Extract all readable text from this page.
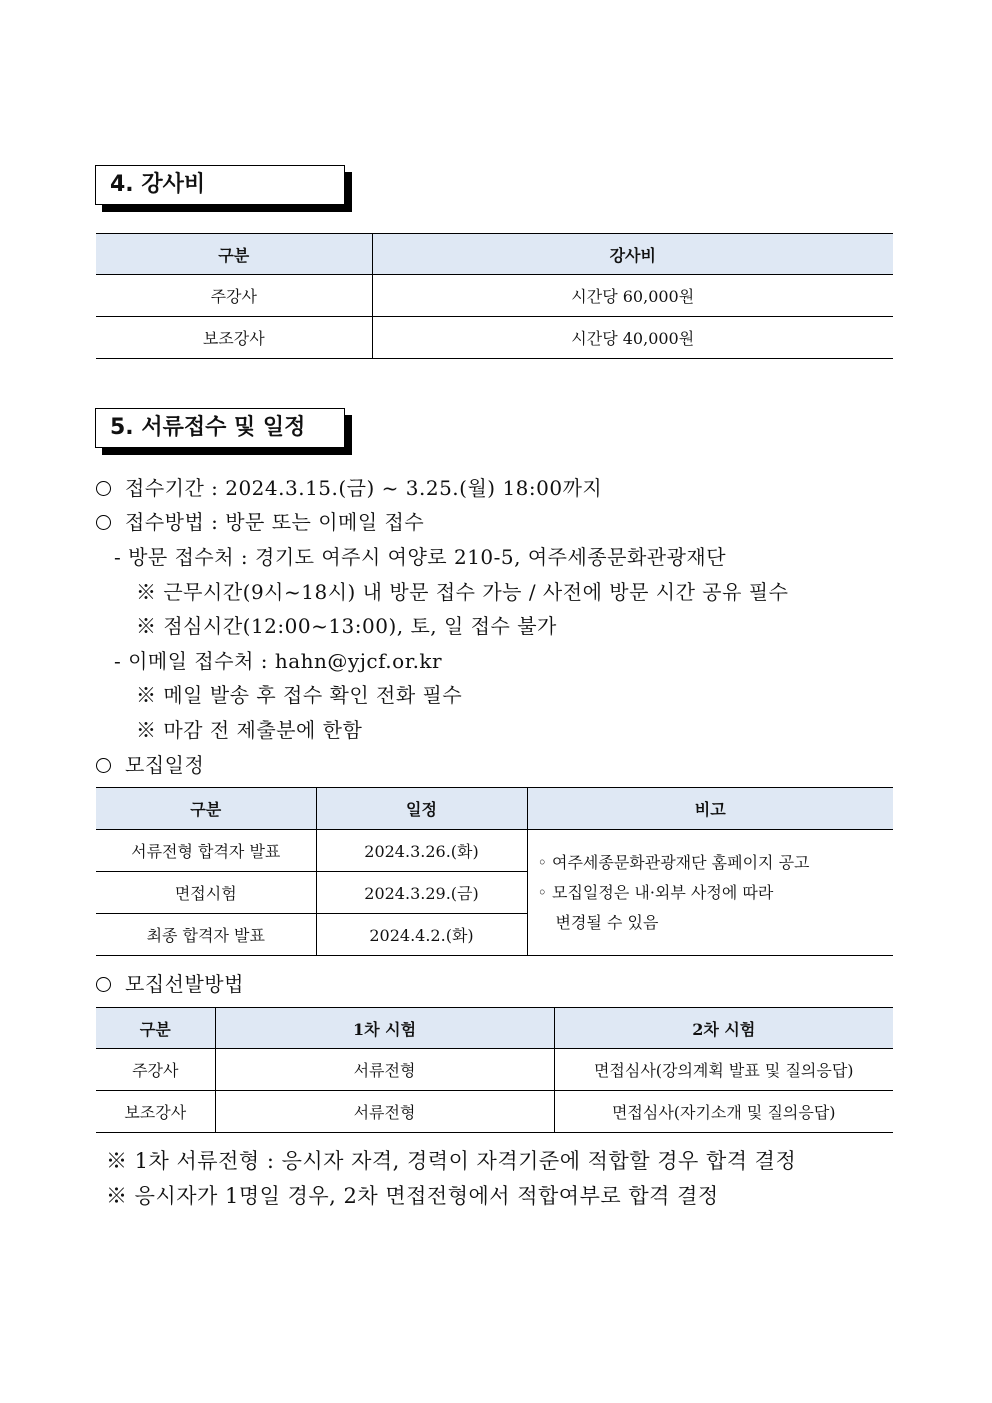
4. 강사비
구분	강사비
주강사	시간당 60,000원
보조강사	시간당 40,000원
5. 서류접수 및 일정
접수기간 : 2024.3.15.(금) ~ 3.25.(월) 18:00까지
접수방법 : 방문 또는 이메일 접수
- 방문 접수처 : 경기도 여주시 여양로 210-5, 여주세종문화관광재단
※ 근무시간(9시~18시) 내 방문 접수 가능 / 사전에 방문 시간 공유 필수
※ 점심시간(12:00~13:00), 토, 일 접수 불가
- 이메일 접수처 : hahn@yjcf.or.kr
※ 메일 발송 후 접수 확인 전화 필수
※ 마감 전 제출분에 한함
모집일정
구분	일정	비고
서류전형 합격자 발표	2024.3.26.(화)	◦ 여주세종문화관광재단 홈페이지 공고
◦ 모집일정은 내·외부 사정에 따라
변경될 수 있음

면접시험	2024.3.29.(금)	
최종 합격자 발표	2024.4.2.(화)	
모집선발방법
구분	1차 시험	2차 시험
주강사	서류전형	면접심사(강의계획 발표 및 질의응답)
보조강사	서류전형	면접심사(자기소개 및 질의응답)
※ 1차 서류전형 : 응시자 자격, 경력이 자격기준에 적합할 경우 합격 결정
※ 응시자가 1명일 경우, 2차 면접전형에서 적합여부로 합격 결정
